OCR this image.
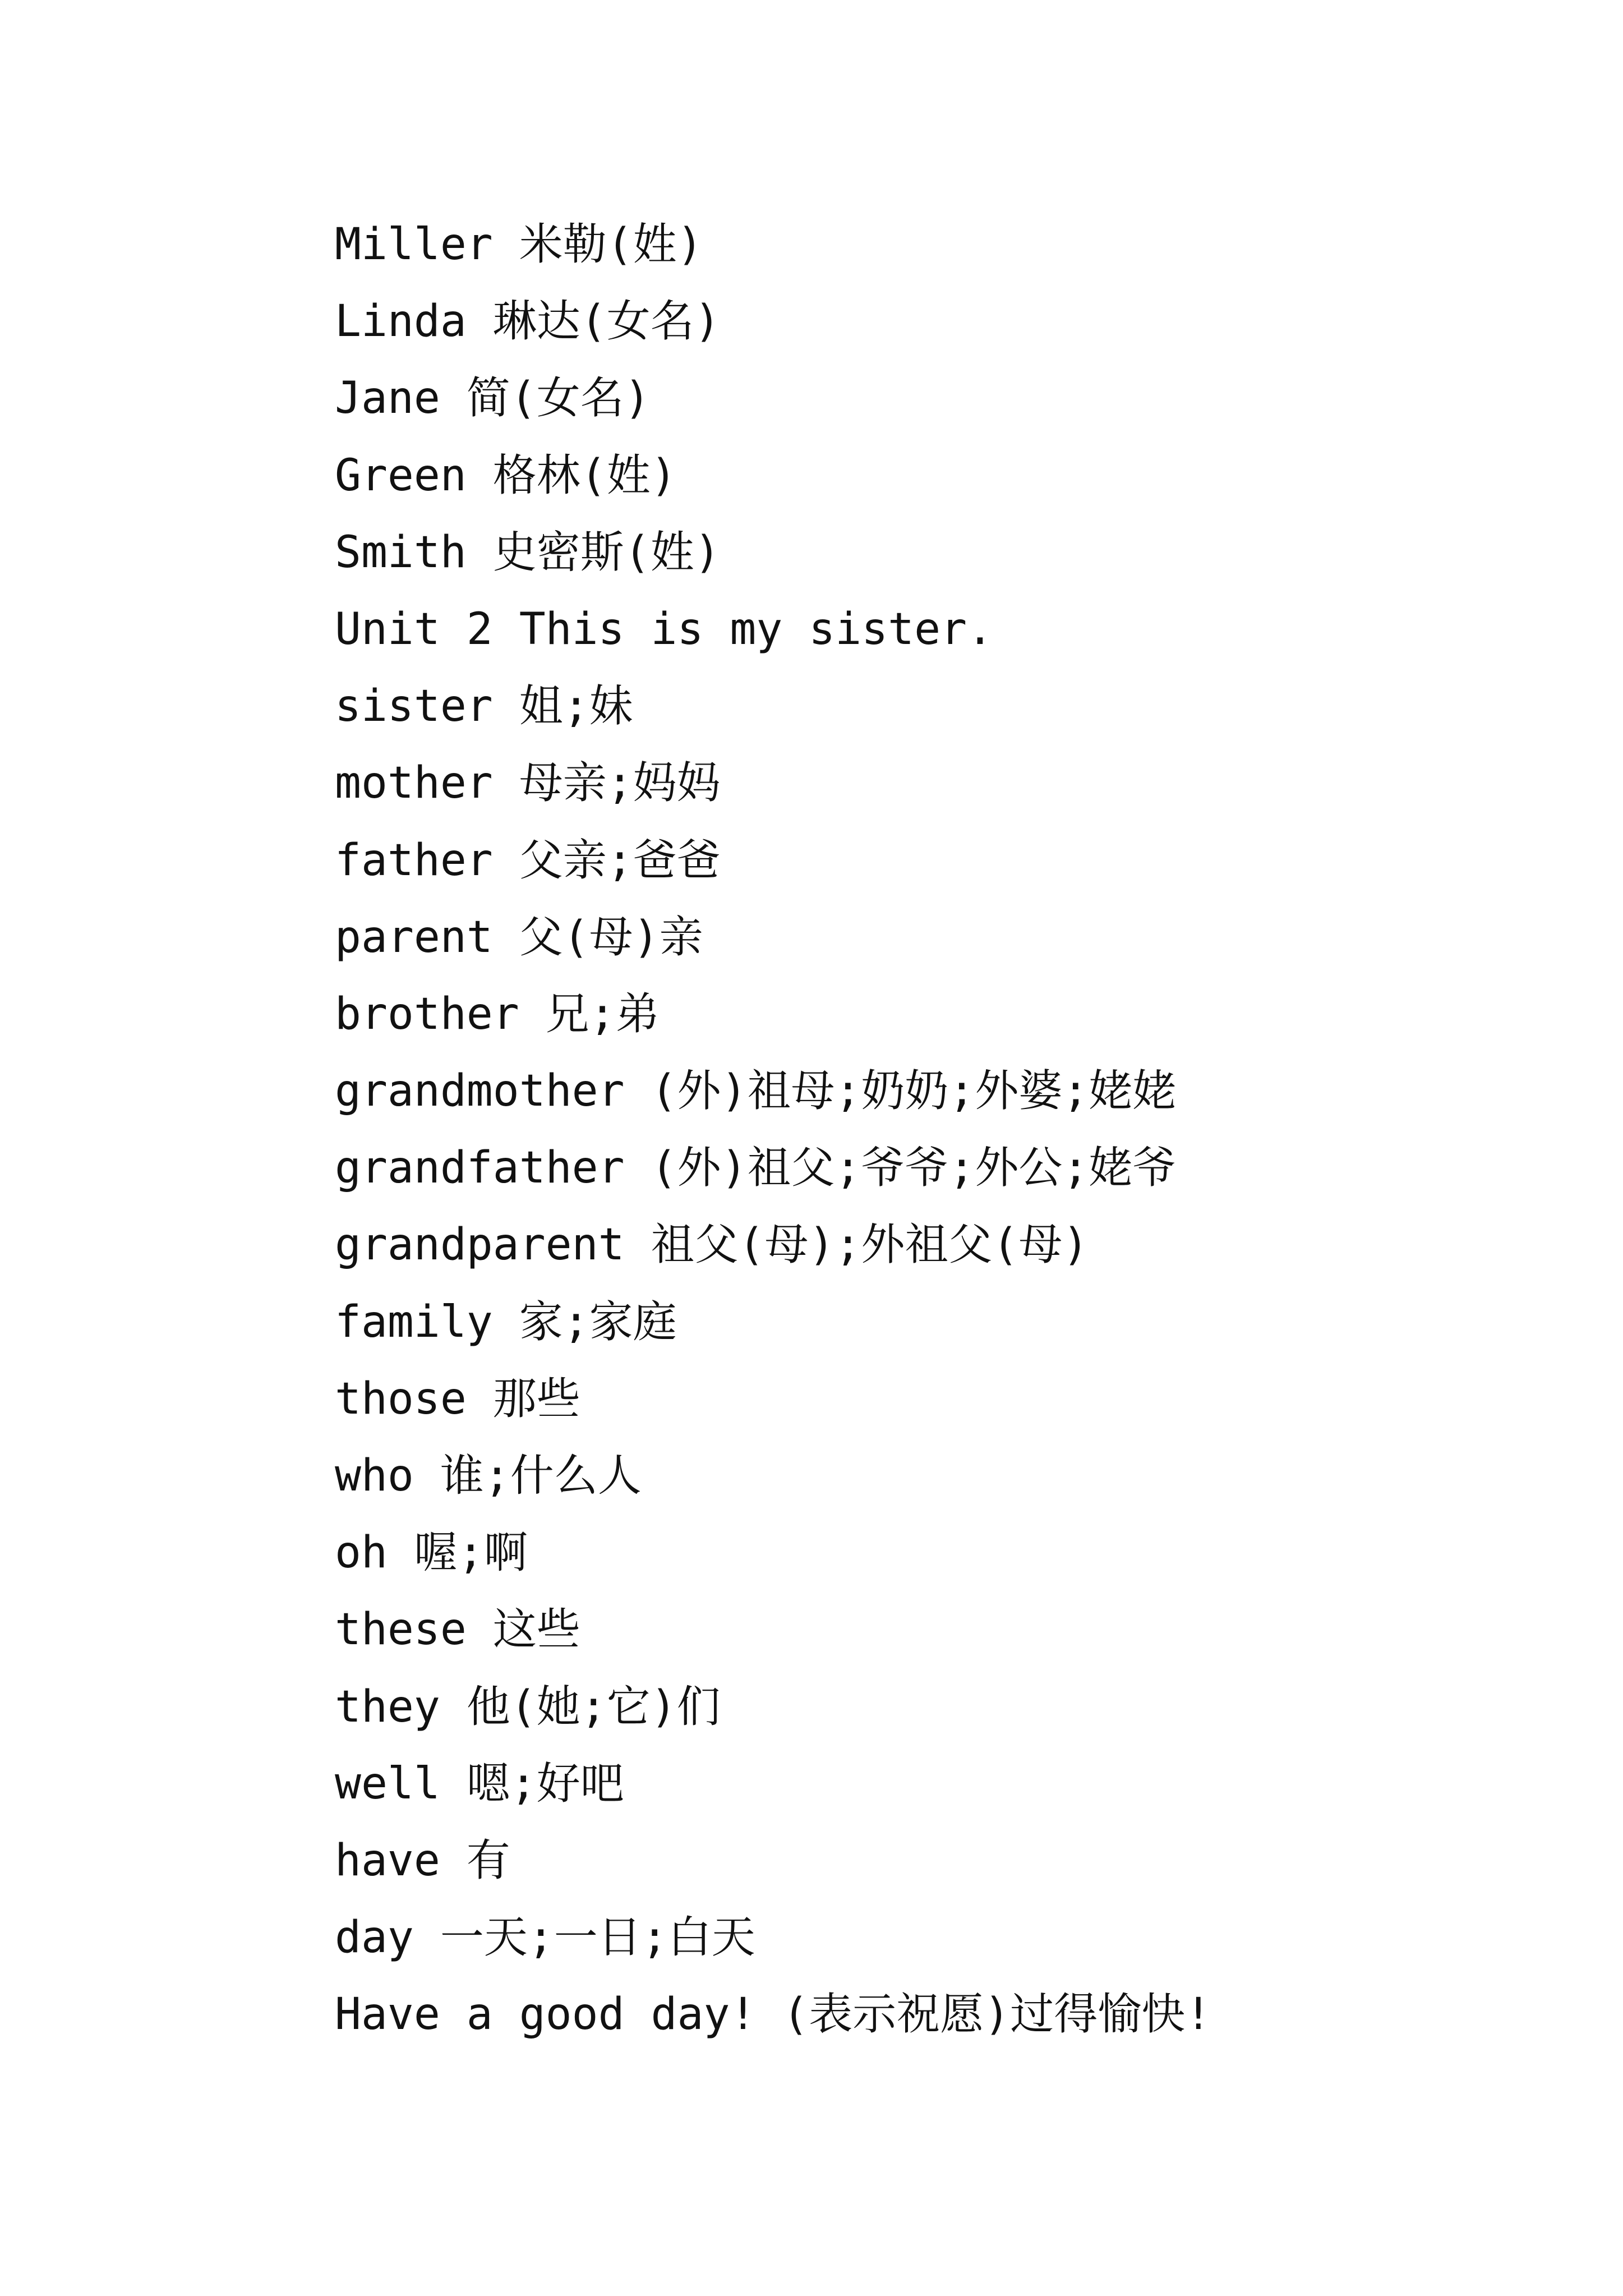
Miller 米勒(姓)
Linda 琳达(女名)
Jane 简(女名)
Green 格林(姓)
Smith 史密斯(姓)
Unit 2 This is my sister.
sister 姐;妹
mother 母亲;妈妈
father 父亲;爸爸
parent 父(母)亲
brother 兄;弟
grandmother (外)祖母;奶奶;外婆;姥姥
grandfather (外)祖父;爷爷;外公;姥爷
grandparent 祖父(母);外祖父(母)
family 家;家庭
those 那些
who 谁;什么人
oh 喔;啊
these 这些
they 他(她;它)们
well 嗯;好吧
have 有
day 一天;一日;白天
Have a good day! (表示祝愿)过得愉快!
